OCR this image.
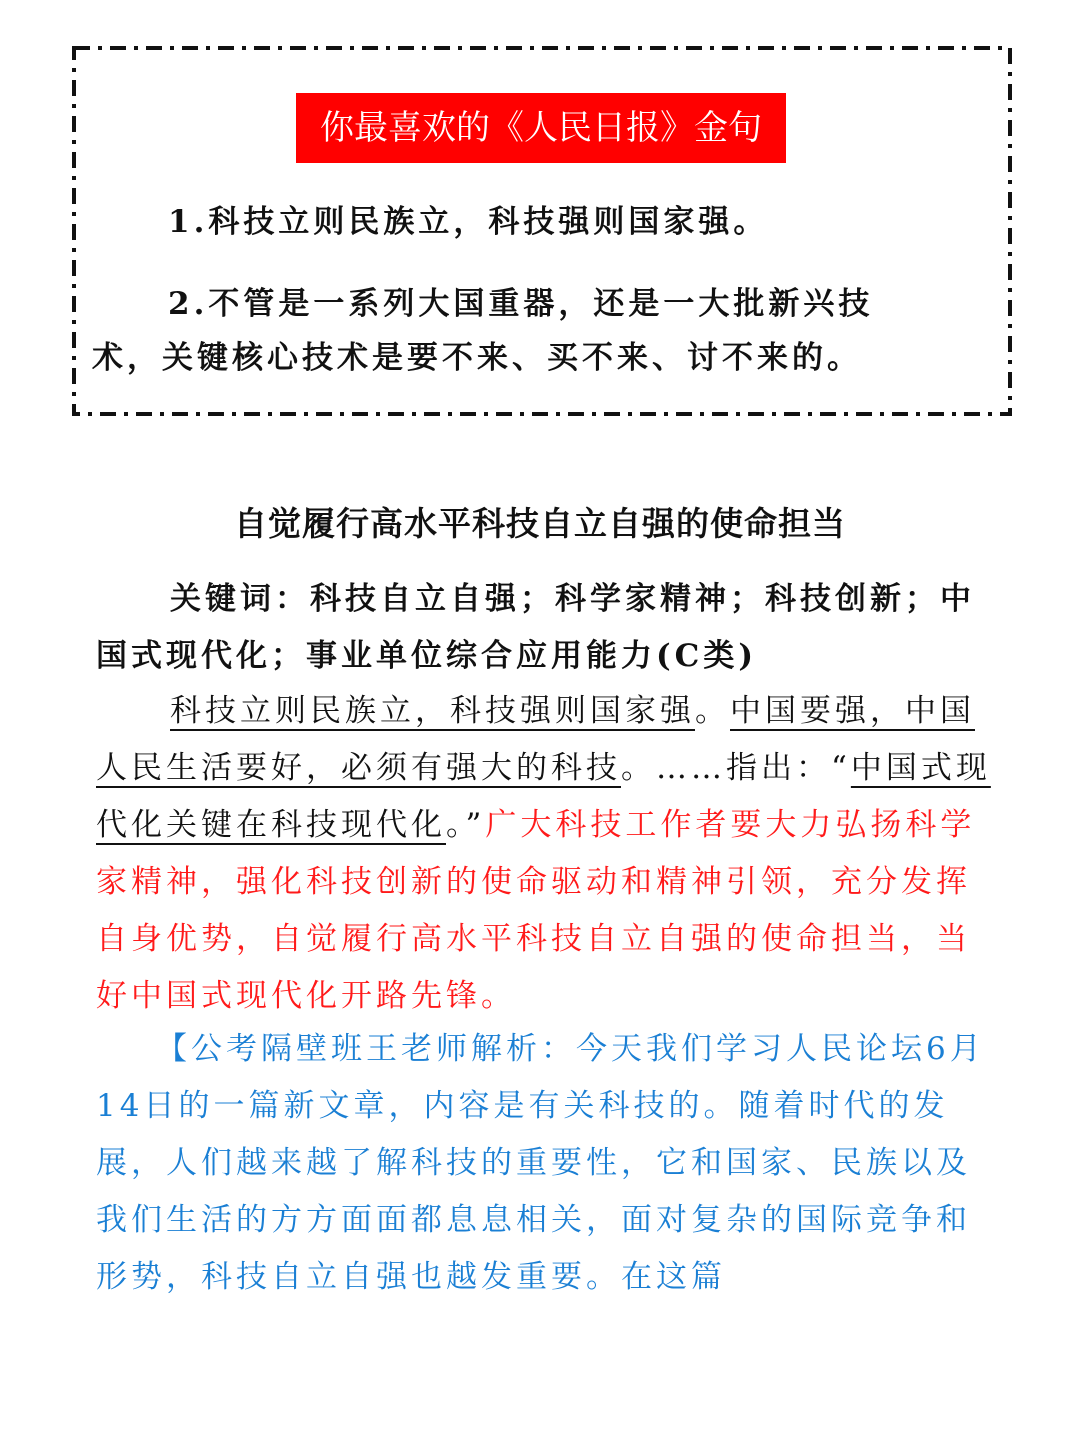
你最喜欢的《人民日报》金句
1.科技立则民族立，科技强则国家强。
2.不管是一系列大国重器，还是一大批新兴技
术，关键核心技术是要不来、买不来、讨不来的。
自觉履行高水平科技自立自强的使命担当
关键词：科技自立自强；科学家精神；科技创新；中国式现代化；事业单位综合应用能力(C类)
科技立则民族立，科技强则国家强。中国要强，中国人民生活要好，必须有强大的科技。……指出：“中国式现代化关键在科技现代化。”广大科技工作者要大力弘扬科学家精神，强化科技创新的使命驱动和精神引领，充分发挥自身优势，自觉履行高水平科技自立自强的使命担当，当好中国式现代化开路先锋。
【公考隔壁班王老师解析：今天我们学习人民论坛6月14日的一篇新文章，内容是有关科技的。随着时代的发展，人们越来越了解科技的重要性，它和国家、民族以及我们生活的方方面面都息息相关，面对复杂的国际竞争和形势，科技自立自强也越发重要。在这篇
